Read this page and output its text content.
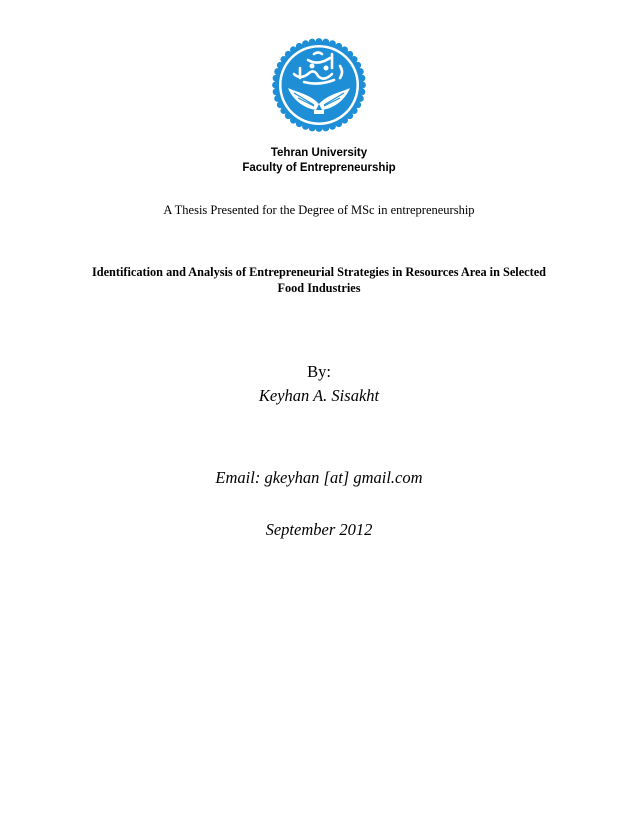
Tehran University
Faculty of Entrepreneurship
A Thesis Presented for the Degree of MSc in entrepreneurship
Identification and Analysis of Entrepreneurial Strategies in Resources Area in Selected
Food Industries
By:
Keyhan A. Sisakht
Email: gkeyhan [at] gmail.com
September 2012
